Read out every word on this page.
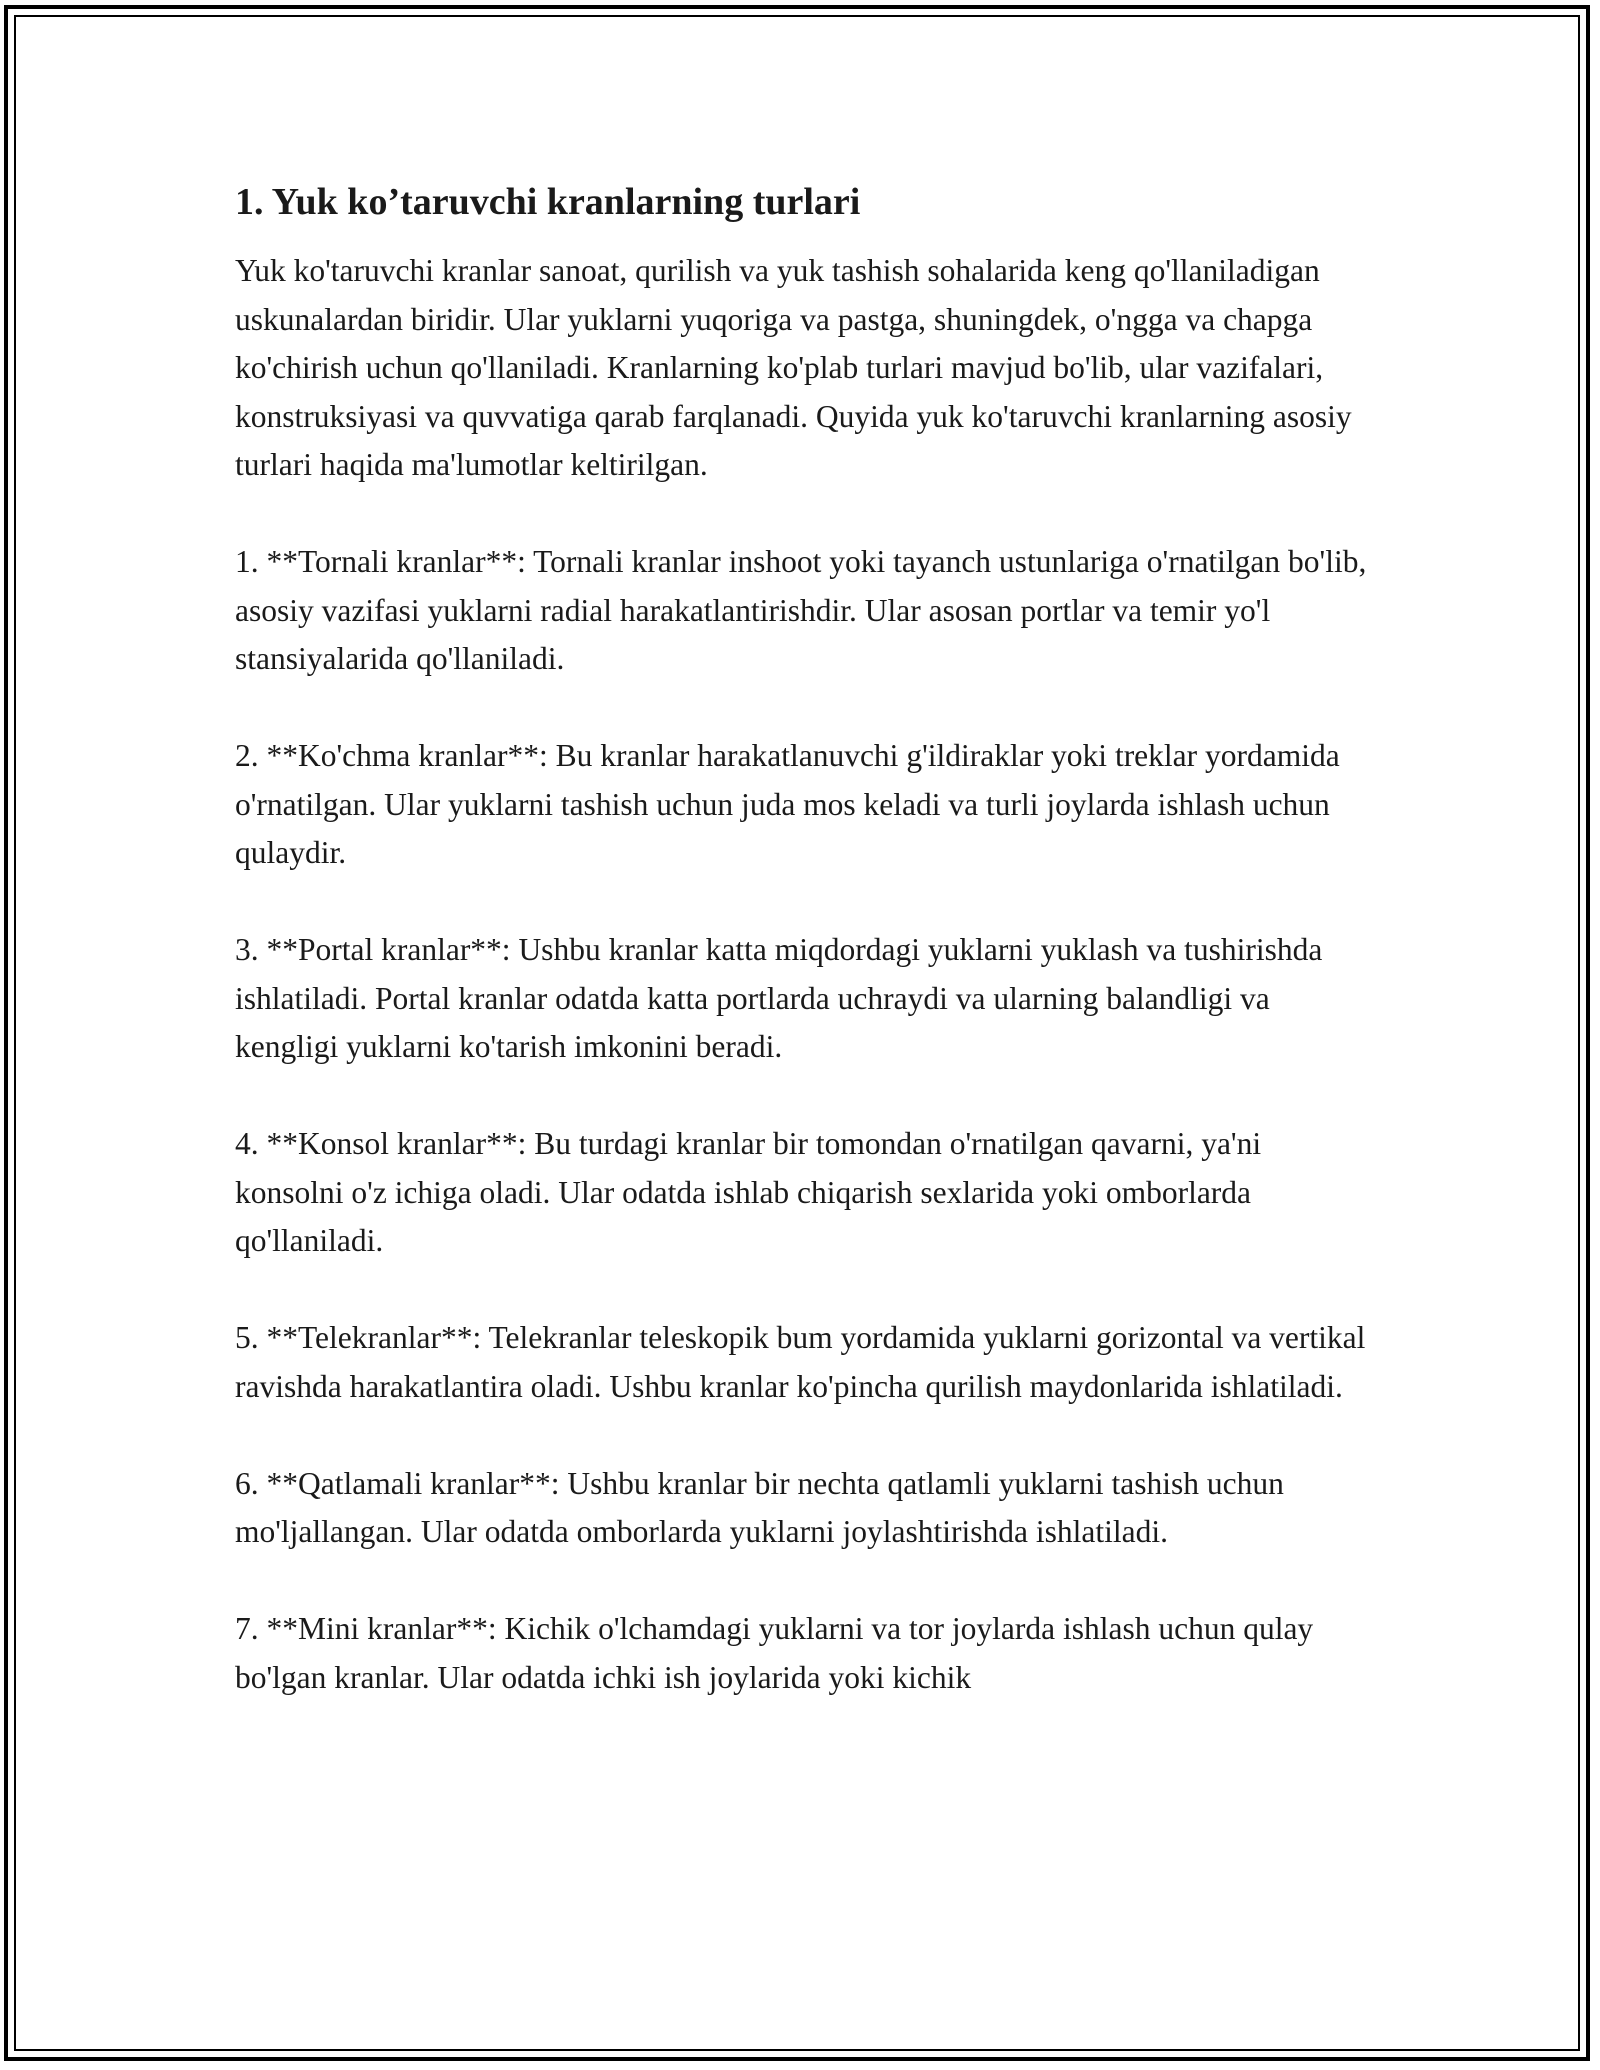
1. Yuk ko’taruvchi kranlarning turlari

Yuk ko'taruvchi kranlar sanoat, qurilish va yuk tashish sohalarida keng qo'llaniladigan uskunalardan biridir. Ular yuklarni yuqoriga va pastga, shuningdek, o'ngga va chapga ko'chirish uchun qo'llaniladi. Kranlarning ko'plab turlari mavjud bo'lib, ular vazifalari, konstruksiyasi va quvvatiga qarab farqlanadi. Quyida yuk ko'taruvchi kranlarning asosiy turlari haqida ma'lumotlar keltirilgan.

1. **Tornali kranlar**: Tornali kranlar inshoot yoki tayanch ustunlariga o'rnatilgan bo'lib, asosiy vazifasi yuklarni radial harakatlantirishdir. Ular asosan portlar va temir yo'l stansiyalarida qo'llaniladi.

2. **Ko'chma kranlar**: Bu kranlar harakatlanuvchi g'ildiraklar yoki treklar yordamida o'rnatilgan. Ular yuklarni tashish uchun juda mos keladi va turli joylarda ishlash uchun qulaydir.

3. **Portal kranlar**: Ushbu kranlar katta miqdordagi yuklarni yuklash va tushirishda ishlatiladi. Portal kranlar odatda katta portlarda uchraydi va ularning balandligi va kengligi yuklarni ko'tarish imkonini beradi.

4. **Konsol kranlar**: Bu turdagi kranlar bir tomondan o'rnatilgan qavarni, ya'ni konsolni o'z ichiga oladi. Ular odatda ishlab chiqarish sexlarida yoki omborlarda qo'llaniladi.

5. **Telekranlar**: Telekranlar teleskopik bum yordamida yuklarni gorizontal va vertikal ravishda harakatlantira oladi. Ushbu kranlar ko'pincha qurilish maydonlarida ishlatiladi.

6. **Qatlamali kranlar**: Ushbu kranlar bir nechta qatlamli yuklarni tashish uchun mo'ljallangan. Ular odatda omborlarda yuklarni joylashtirishda ishlatiladi.

7. **Mini kranlar**: Kichik o'lchamdagi yuklarni va tor joylarda ishlash uchun qulay bo'lgan kranlar. Ular odatda ichki ish joylarida yoki kichik
